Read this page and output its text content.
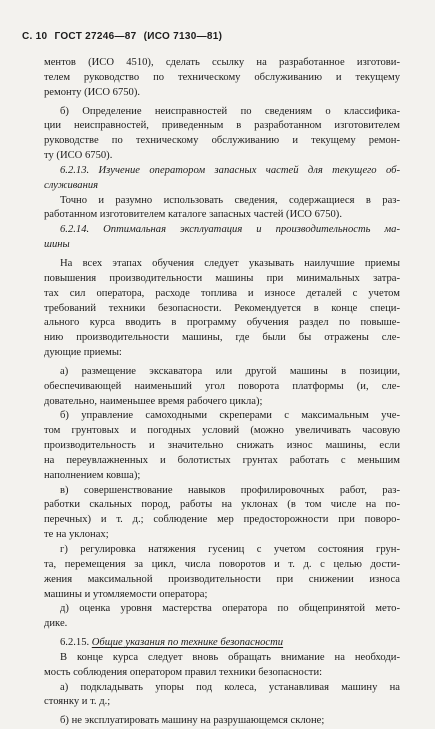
С. 10 ГОСТ 27246—87 (ИСО 7130—81)
ментов (ИСО 4510), сделать ссылку на разработанное изготови-
телем руководство по техническому обслуживанию и текущему
ремонту (ИСО 6750).
б) Определение неисправностей по сведениям о классифика-
ции неисправностей, приведенным в разработанном изготовителем
руководстве по техническому обслуживанию и текущему ремон-
ту (ИСО 6750).
6.2.13. Изучение оператором запасных частей для текущего об-
служивания
Точно и разумно использовать сведения, содержащиеся в раз-
работанном изготовителем каталоге запасных частей (ИСО 6750).
6.2.14. Оптимальная эксплуатация и производительность ма-
шины
На всех этапах обучения следует указывать наилучшие приемы
повышения производительности машины при минимальных затра-
тах сил оператора, расходе топлива и износе деталей с учетом
требований техники безопасности. Рекомендуется в конце специ-
ального курса вводить в программу обучения раздел по повыше-
нию производительности машины, где были бы отражены сле-
дующие приемы:
а) размещение экскаватора или другой машины в позиции,
обеспечивающей наименьший угол поворота платформы (и, сле-
довательно, наименьшее время рабочего цикла);
б) управление самоходными скреперами с максимальным уче-
том грунтовых и погодных условий (можно увеличивать часовую
производительность и значительно снижать износ машины, если
на переувлажненных и болотистых грунтах работать с меньшим
наполнением ковша);
в) совершенствование навыков профилировочных работ, раз-
работки скальных пород, работы на уклонах (в том числе на по-
перечных) и т. д.; соблюдение мер предосторожности при поворо-
те на уклонах;
г) регулировка натяжения гусениц с учетом состояния грун-
та, перемещения за цикл, числа поворотов и т. д. с целью дости-
жения максимальной производительности при снижении износа
машины и утомляемости оператора;
д) оценка уровня мастерства оператора по общепринятой мето-
дике.
6.2.15. Общие указания по технике безопасности
В конце курса следует вновь обращать внимание на необходи-
мость соблюдения оператором правил техники безопасности:
а) подкладывать упоры под колеса, устанавливая машину на
стоянку и т. д.;
б) не эксплуатировать машину на разрушающемся склоне;
